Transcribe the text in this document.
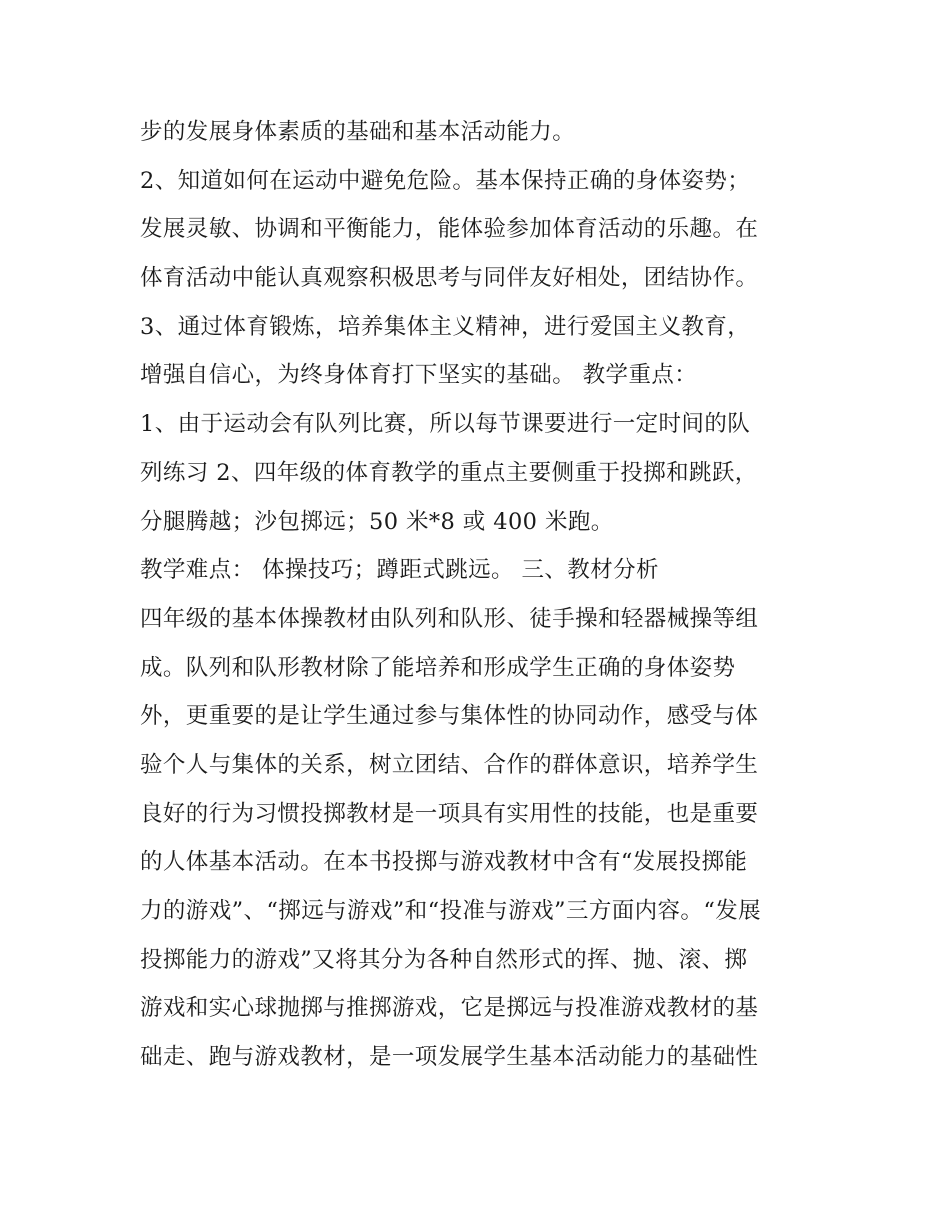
步的发展身体素质的基础和基本活动能力。
2、知道如何在运动中避免危险。基本保持正确的身体姿势；
发展灵敏、协调和平衡能力，能体验参加体育活动的乐趣。在
体育活动中能认真观察积极思考与同伴友好相处，团结协作。
3、通过体育锻炼，培养集体主义精神，进行爱国主义教育，
增强自信心，为终身体育打下坚实的基础。 教学重点：
1、由于运动会有队列比赛，所以每节课要进行一定时间的队
列练习 2、四年级的体育教学的重点主要侧重于投掷和跳跃，
分腿腾越；沙包掷远；50 米*8 或 400 米跑。
教学难点： 体操技巧；蹲距式跳远。 三、教材分析
四年级的基本体操教材由队列和队形、徒手操和轻器械操等组
成。队列和队形教材除了能培养和形成学生正确的身体姿势
外，更重要的是让学生通过参与集体性的协同动作，感受与体
验个人与集体的关系，树立团结、合作的群体意识，培养学生
良好的行为习惯投掷教材是一项具有实用性的技能，也是重要
的人体基本活动。在本书投掷与游戏教材中含有“发展投掷能
力的游戏”、“掷远与游戏”和“投准与游戏”三方面内容。“发展
投掷能力的游戏”又将其分为各种自然形式的挥、抛、滚、掷
游戏和实心球抛掷与推掷游戏，它是掷远与投准游戏教材的基
础走、跑与游戏教材，是一项发展学生基本活动能力的基础性
